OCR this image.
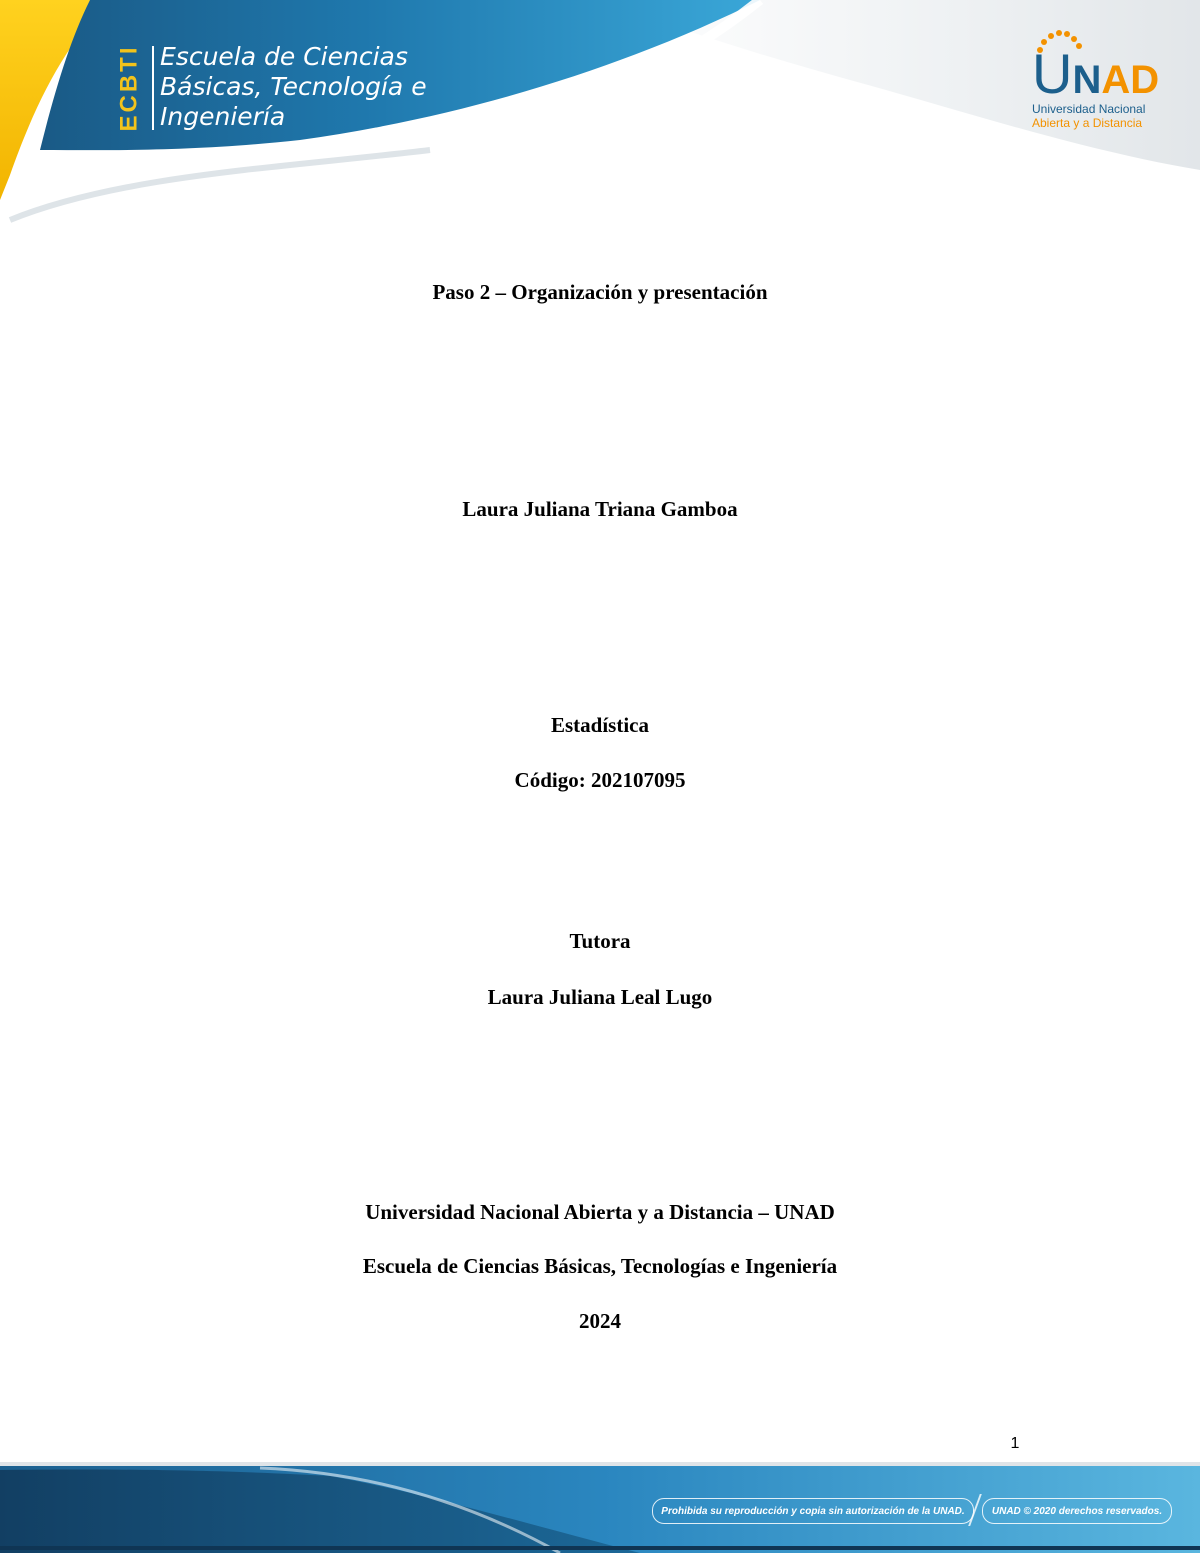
ECBTI Escuela de Ciencias
Básicas, Tecnología e
Ingeniería
UNAD
Universidad Nacional
Abierta y a Distancia
Paso 2 – Organización y presentación
Laura Juliana Triana Gamboa
Estadística
Código: 202107095
Tutora
Laura Juliana Leal Lugo
Universidad Nacional Abierta y a Distancia – UNAD
Escuela de Ciencias Básicas, Tecnologías e Ingeniería
2024
1
Prohibida su reproducción y copia sin autorización de la UNAD.	UNAD © 2020 derechos reservados.
